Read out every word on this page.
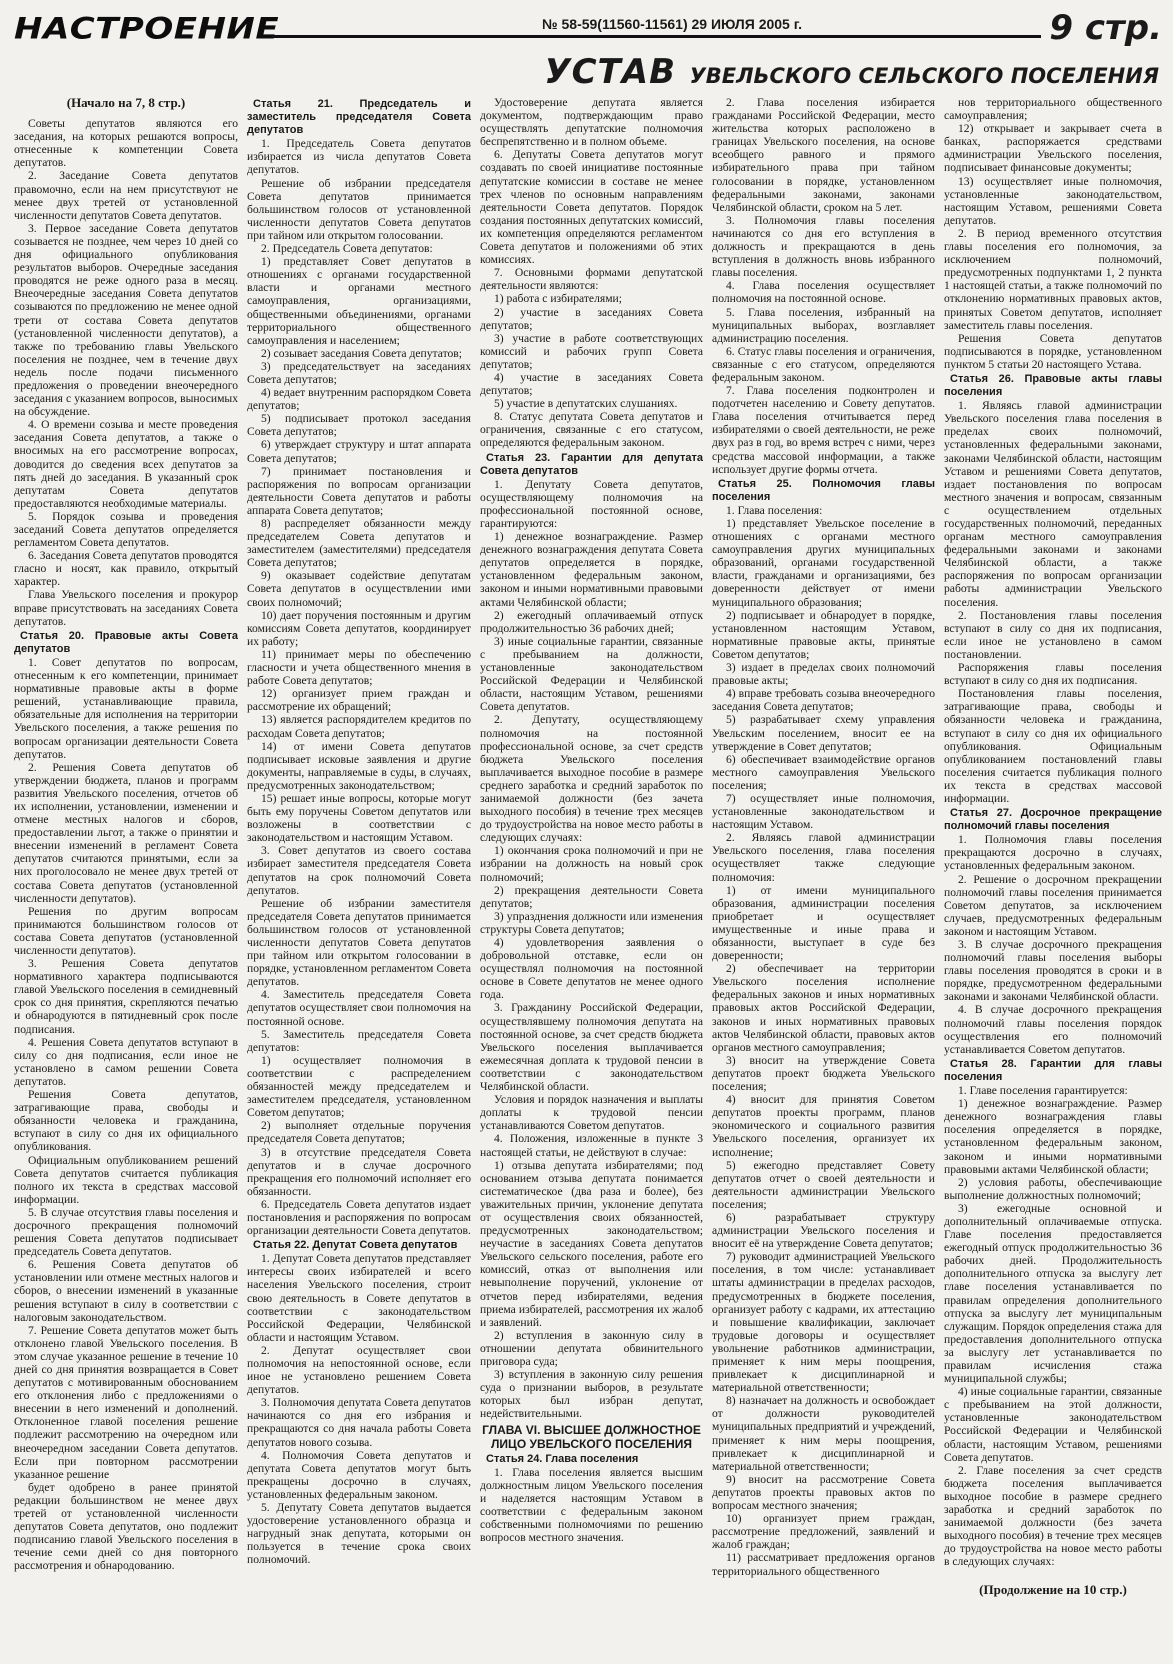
НАСТРОЕНИЕ	№ 58-59(11560-11561) 29 ИЮЛЯ 2005 г.	9 стр.
УСТАВ УВЕЛЬСКОГО СЕЛЬСКОГО ПОСЕЛЕНИЯ

(Начало на 7, 8 стр.)

Советы депутатов являются его заседания, на которых решаются вопросы, отнесенные к компетенции Совета депутатов.

2. Заседание Совета депутатов правомочно, если на нем присутствуют не менее двух третей от установленной численности депутатов Совета депутатов.

3. Первое заседание Совета депутатов созывается не позднее, чем через 10 дней со дня официального опубликования результатов выборов. Очередные заседания проводятся не реже одного раза в месяц. Внеочередные заседания Совета депутатов созываются по предложению не менее одной трети от состава Совета депутатов (установленной численности депутатов), а также по требованию главы Увельского поселения не позднее, чем в течение двух недель после подачи письменного предложения о проведении внеочередного заседания с указанием вопросов, выносимых на обсуждение.

4. О времени созыва и месте проведения заседания Совета депутатов, а также о вносимых на его рассмотрение вопросах, доводится до сведения всех депутатов за пять дней до заседания. В указанный срок депутатам Совета депутатов предоставляются необходимые материалы.

5. Порядок созыва и проведения заседаний Совета депутатов определяется регламентом Совета депутатов.

6. Заседания Совета депутатов проводятся гласно и носят, как правило, открытый характер.

Глава Увельского поселения и прокурор вправе присутствовать на заседаниях Совета депутатов.

Статья 20. Правовые акты Совета депутатов

1. Совет депутатов по вопросам, отнесенным к его компетенции, принимает нормативные правовые акты в форме решений, устанавливающие правила, обязательные для исполнения на территории Увельского поселения, а также решения по вопросам организации деятельности Совета депутатов.

2. Решения Совета депутатов об утверждении бюджета, планов и программ развития Увельского поселения, отчетов об их исполнении, установлении, изменении и отмене местных налогов и сборов, предоставлении льгот, а также о принятии и внесении изменений в регламент Совета депутатов считаются принятыми, если за них проголосовало не менее двух третей от состава Совета депутатов (установленной численности депутатов).

Решения по другим вопросам принимаются большинством голосов от состава Совета депутатов (установленной численности депутатов).

3. Решения Совета депутатов нормативного характера подписываются главой Увельского поселения в семидневный срок со дня принятия, скрепляются печатью и обнародуются в пятидневный срок после подписания.

4. Решения Совета депутатов вступают в силу со дня подписания, если иное не установлено в самом решении Совета депутатов.

Решения Совета депутатов, затрагивающие права, свободы и обязанности человека и гражданина, вступают в силу со дня их официального опубликования.

Официальным опубликованием решений Совета депутатов считается публикация полного их текста в средствах массовой информации.

5. В случае отсутствия главы поселения и досрочного прекращения полномочий решения Совета депутатов подписывает председатель Совета депутатов.

6. Решения Совета депутатов об установлении или отмене местных налогов и сборов, о внесении изменений в указанные решения вступают в силу в соответствии с налоговым законодательством.

7. Решение Совета депутатов может быть отклонено главой Увельского поселения. В этом случае указанное решение в течение 10 дней со дня принятия возвращается в Совет депутатов с мотивированным обоснованием его отклонения либо с предложениями о внесении в него изменений и дополнений. Отклоненное главой поселения решение подлежит рассмотрению на очередном или внеочередном заседании Совета депутатов. Если при повторном рассмотрении указанное решение

будет одобрено в ранее принятой редакции большинством не менее двух третей от установленной численности депутатов Совета депутатов, оно подлежит подписанию главой Увельского поселения в течение семи дней со дня повторного рассмотрения и обнародованию.

Статья 21. Председатель и заместитель председателя Совета депутатов

1. Председатель Совета депутатов избирается из числа депутатов Совета депутатов.

Решение об избрании председателя Совета депутатов принимается большинством голосов от установленной численности депутатов Совета депутатов при тайном или открытом голосовании.

2. Председатель Совета депутатов:

1) представляет Совет депутатов в отношениях с органами государственной власти и органами местного самоуправления, организациями, общественными объединениями, органами территориального общественного самоуправления и населением;

2) созывает заседания Совета депутатов;

3) председательствует на заседаниях Совета депутатов;

4) ведает внутренним распорядком Совета депутатов;

5) подписывает протокол заседания Совета депутатов;

6) утверждает структуру и штат аппарата Совета депутатов;

7) принимает постановления и распоряжения по вопросам организации деятельности Совета депутатов и работы аппарата Совета депутатов;

8) распределяет обязанности между председателем Совета депутатов и заместителем (заместителями) председателя Совета депутатов;

9) оказывает содействие депутатам Совета депутатов в осуществлении ими своих полномочий;

10) дает поручения постоянным и другим комиссиям Совета депутатов, координирует их работу;

11) принимает меры по обеспечению гласности и учета общественного мнения в работе Совета депутатов;

12) организует прием граждан и рассмотрение их обращений;

13) является распорядителем кредитов по расходам Совета депутатов;

14) от имени Совета депутатов подписывает исковые заявления и другие документы, направляемые в суды, в случаях, предусмотренных законодательством;

15) решает иные вопросы, которые могут быть ему поручены Советом депутатов или возложены в соответствии с законодательством и настоящим Уставом.

3. Совет депутатов из своего состава избирает заместителя председателя Совета депутатов на срок полномочий Совета депутатов.

Решение об избрании заместителя председателя Совета депутатов принимается большинством голосов от установленной численности депутатов Совета депутатов при тайном или открытом голосовании в порядке, установленном регламентом Совета депутатов.

4. Заместитель председателя Совета депутатов осуществляет свои полномочия на постоянной основе.

5. Заместитель председателя Совета депутатов:

1) осуществляет полномочия в соответствии с распределением обязанностей между председателем и заместителем председателя, установленном Советом депутатов;

2) выполняет отдельные поручения председателя Совета депутатов;

3) в отсутствие председателя Совета депутатов и в случае досрочного прекращения его полномочий исполняет его обязанности.

6. Председатель Совета депутатов издает постановления и распоряжения по вопросам организации деятельности Совета депутатов.

Статья 22. Депутат Совета депутатов

1. Депутат Совета депутатов представляет интересы своих избирателей и всего населения Увельского поселения, строит свою деятельность в Совете депутатов в соответствии с законодательством Российской Федерации, Челябинской области и настоящим Уставом.

2. Депутат осуществляет свои полномочия на непостоянной основе, если иное не установлено решением Совета депутатов.

3. Полномочия депутата Совета депутатов начинаются со дня его избрания и прекращаются со дня начала работы Совета депутатов нового созыва.

4. Полномочия Совета депутатов и депутата Совета депутатов могут быть прекращены досрочно в случаях, установленных федеральным законом.

5. Депутату Совета депутатов выдается удостоверение установленного образца и нагрудный знак депутата, которыми он пользуется в течение срока своих полномочий.

Удостоверение депутата является документом, подтверждающим право осуществлять депутатские полномочия беспрепятственно и в полном объеме.

6. Депутаты Совета депутатов могут создавать по своей инициативе постоянные депутатские комиссии в составе не менее трех членов по основным направлениям деятельности Совета депутатов. Порядок создания постоянных депутатских комиссий, их компетенция определяются регламентом Совета депутатов и положениями об этих комиссиях.

7. Основными формами депутатской деятельности являются:

1) работа с избирателями;

2) участие в заседаниях Совета депутатов;

3) участие в работе соответствующих комиссий и рабочих групп Совета депутатов;

4) участие в заседаниях Совета депутатов;

5) участие в депутатских слушаниях.

8. Статус депутата Совета депутатов и ограничения, связанные с его статусом, определяются федеральным законом.

Статья 23. Гарантии для депутата Совета депутатов

1. Депутату Совета депутатов, осуществляющему полномочия на профессиональной постоянной основе, гарантируются:

1) денежное вознаграждение. Размер денежного вознаграждения депутата Совета депутатов определяется в порядке, установленном федеральным законом, законом и иными нормативными правовыми актами Челябинской области;

2) ежегодный оплачиваемый отпуск продолжительностью 36 рабочих дней;

3) иные социальные гарантии, связанные с пребыванием на должности, установленные законодательством Российской Федерации и Челябинской области, настоящим Уставом, решениями Совета депутатов.

2. Депутату, осуществляющему полномочия на постоянной профессиональной основе, за счет средств бюджета Увельского поселения выплачивается выходное пособие в размере среднего заработка и средний заработок по занимаемой должности (без зачета выходного пособия) в течение трех месяцев до трудоустройства на новое место работы в следующих случаях:

1) окончания срока полномочий и при не избрании на должность на новый срок полномочий;

2) прекращения деятельности Совета депутатов;

3) упразднения должности или изменения структуры Совета депутатов;

4) удовлетворения заявления о добровольной отставке, если он осуществлял полномочия на постоянной основе в Совете депутатов не менее одного года.

3. Гражданину Российской Федерации, осуществлявшему полномочия депутата на постоянной основе, за счет средств бюджета Увельского поселения выплачивается ежемесячная доплата к трудовой пенсии в соответствии с законодательством Челябинской области.

Условия и порядок назначения и выплаты доплаты к трудовой пенсии устанавливаются Советом депутатов.

4. Положения, изложенные в пункте 3 настоящей статьи, не действуют в случае:

1) отзыва депутата избирателями; под основанием отзыва депутата понимается систематическое (два раза и более), без уважительных причин, уклонение депутата от осуществления своих обязанностей, предусмотренных законодательством; неучастие в заседаниях Совета депутатов Увельского сельского поселения, работе его комиссий, отказ от выполнения или невыполнение поручений, уклонение от отчетов перед избирателями, ведения приема избирателей, рассмотрения их жалоб и заявлений.

2) вступления в законную силу в отношении депутата обвинительного приговора суда;

3) вступления в законную силу решения суда о признании выборов, в результате которых был избран депутат, недействительными.

ГЛАВА VI. ВЫСШЕЕ ДОЛЖНОСТНОЕ ЛИЦО УВЕЛЬСКОГО ПОСЕЛЕНИЯ

Статья 24. Глава поселения

1. Глава поселения является высшим должностным лицом Увельского поселения и наделяется настоящим Уставом в соответствии с федеральным законом собственными полномочиями по решению вопросов местного значения.

2. Глава поселения избирается гражданами Российской Федерации, место жительства которых расположено в границах Увельского поселения, на основе всеобщего равного и прямого избирательного права при тайном голосовании в порядке, установленном федеральными законами, законами Челябинской области, сроком на 5 лет.

3. Полномочия главы поселения начинаются со дня его вступления в должность и прекращаются в день вступления в должность вновь избранного главы поселения.

4. Глава поселения осуществляет полномочия на постоянной основе.

5. Глава поселения, избранный на муниципальных выборах, возглавляет администрацию поселения.

6. Статус главы поселения и ограничения, связанные с его статусом, определяются федеральным законом.

7. Глава поселения подконтролен и подотчетен населению и Совету депутатов. Глава поселения отчитывается перед избирателями о своей деятельности, не реже двух раз в год, во время встреч с ними, через средства массовой информации, а также использует другие формы отчета.

Статья 25. Полномочия главы поселения

1. Глава поселения:

1) представляет Увельское поселение в отношениях с органами местного самоуправления других муниципальных образований, органами государственной власти, гражданами и организациями, без доверенности действует от имени муниципального образования;

2) подписывает и обнародует в порядке, установленном настоящим Уставом, нормативные правовые акты, принятые Советом депутатов;

3) издает в пределах своих полномочий правовые акты;

4) вправе требовать созыва внеочередного заседания Совета депутатов;

5) разрабатывает схему управления Увельским поселением, вносит ее на утверждение в Совет депутатов;

6) обеспечивает взаимодействие органов местного самоуправления Увельского поселения;

7) осуществляет иные полномочия, установленные законодательством и настоящим Уставом.

2. Являясь главой администрации Увельского поселения, глава поселения осуществляет также следующие полномочия:

1) от имени муниципального образования, администрации поселения приобретает и осуществляет имущественные и иные права и обязанности, выступает в суде без доверенности;

2) обеспечивает на территории Увельского поселения исполнение федеральных законов и иных нормативных правовых актов Российской Федерации, законов и иных нормативных правовых актов Челябинской области, правовых актов органов местного самоуправления;

3) вносит на утверждение Совета депутатов проект бюджета Увельского поселения;

4) вносит для принятия Советом депутатов проекты программ, планов экономического и социального развития Увельского поселения, организует их исполнение;

5) ежегодно представляет Совету депутатов отчет о своей деятельности и деятельности администрации Увельского поселения;

6) разрабатывает структуру администрации Увельского поселения и вносит её на утверждение Совета депутатов;

7) руководит администрацией Увельского поселения, в том числе: устанавливает штаты администрации в пределах расходов, предусмотренных в бюджете поселения, организует работу с кадрами, их аттестацию и повышение квалификации, заключает трудовые договоры и осуществляет увольнение работников администрации, применяет к ним меры поощрения, привлекает к дисциплинарной и материальной ответственности;

8) назначает на должность и освобождает от должности руководителей муниципальных предприятий и учреждений, применяет к ним меры поощрения, привлекает к дисциплинарной и материальной ответственности;

9) вносит на рассмотрение Совета депутатов проекты правовых актов по вопросам местного значения;

10) организует прием граждан, рассмотрение предложений, заявлений и жалоб граждан;

11) рассматривает предложения органов территориального общественного

нов территориального общественного самоуправления;

12) открывает и закрывает счета в банках, распоряжается средствами администрации Увельского поселения, подписывает финансовые документы;

13) осуществляет иные полномочия, установленные законодательством, настоящим Уставом, решениями Совета депутатов.

2. В период временного отсутствия главы поселения его полномочия, за исключением полномочий, предусмотренных подпунктами 1, 2 пункта 1 настоящей статьи, а также полномочий по отклонению нормативных правовых актов, принятых Советом депутатов, исполняет заместитель главы поселения.

Решения Совета депутатов подписываются в порядке, установленном пунктом 5 статьи 20 настоящего Устава.

Статья 26. Правовые акты главы поселения

1. Являясь главой администрации Увельского поселения глава поселения в пределах своих полномочий, установленных федеральными законами, законами Челябинской области, настоящим Уставом и решениями Совета депутатов, издает постановления по вопросам местного значения и вопросам, связанным с осуществлением отдельных государственных полномочий, переданных органам местного самоуправления федеральными законами и законами Челябинской области, а также распоряжения по вопросам организации работы администрации Увельского поселения.

2. Постановления главы поселения вступают в силу со дня их подписания, если иное не установлено в самом постановлении.

Распоряжения главы поселения вступают в силу со дня их подписания.

Постановления главы поселения, затрагивающие права, свободы и обязанности человека и гражданина, вступают в силу со дня их официального опубликования. Официальным опубликованием постановлений главы поселения считается публикация полного их текста в средствах массовой информации.

Статья 27. Досрочное прекращение полномочий главы поселения

1. Полномочия главы поселения прекращаются досрочно в случаях, установленных федеральным законом.

2. Решение о досрочном прекращении полномочий главы поселения принимается Советом депутатов, за исключением случаев, предусмотренных федеральным законом и настоящим Уставом.

3. В случае досрочного прекращения полномочий главы поселения выборы главы поселения проводятся в сроки и в порядке, предусмотренном федеральными законами и законами Челябинской области.

4. В случае досрочного прекращения полномочий главы поселения порядок осуществления его полномочий устанавливается Советом депутатов.

Статья 28. Гарантии для главы поселения

1. Главе поселения гарантируется:

1) денежное вознаграждение. Размер денежного вознаграждения главы поселения определяется в порядке, установленном федеральным законом, законом и иными нормативными правовыми актами Челябинской области;

2) условия работы, обеспечивающие выполнение должностных полномочий;

3) ежегодные основной и дополнительный оплачиваемые отпуска. Главе поселения предоставляется ежегодный отпуск продолжительностью 36 рабочих дней. Продолжительность дополнительного отпуска за выслугу лет главе поселения устанавливается по правилам определения дополнительного отпуска за выслугу лет муниципальным служащим. Порядок определения стажа для предоставления дополнительного отпуска за выслугу лет устанавливается по правилам исчисления стажа муниципальной службы;

4) иные социальные гарантии, связанные с пребыванием на этой должности, установленные законодательством Российской Федерации и Челябинской области, настоящим Уставом, решениями Совета депутатов.

2. Главе поселения за счет средств бюджета поселения выплачивается выходное пособие в размере среднего заработка и средний заработок по занимаемой должности (без зачета выходного пособия) в течение трех месяцев до трудоустройства на новое место работы в следующих случаях:

(Продолжение на 10 стр.)
